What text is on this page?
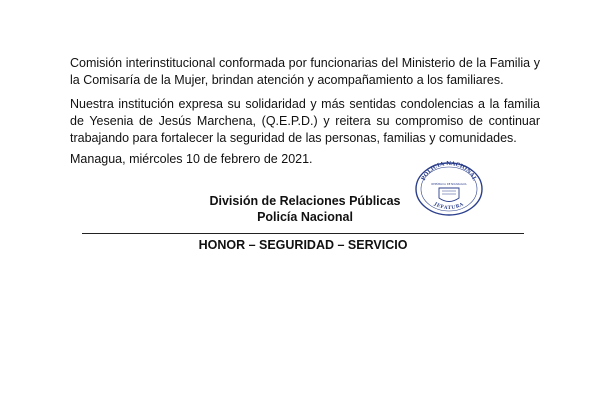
Comisión interinstitucional conformada por funcionarias del Ministerio de la Familia y la Comisaría de la Mujer, brindan atención y acompañamiento a los familiares.

Nuestra institución expresa su solidaridad y más sentidas condolencias a la familia de Yesenia de Jesús Marchena, (Q.E.P.D.) y reitera su compromiso de continuar trabajando para fortalecer la seguridad de las personas, familias y comunidades.

Managua, miércoles 10 de febrero de 2021.

División de Relaciones Públicas
Policía Nacional
POLICIA NACIONAL
REPÚBLICA DE NICARAGUA
JEFATURA
HONOR – SEGURIDAD – SERVICIO
